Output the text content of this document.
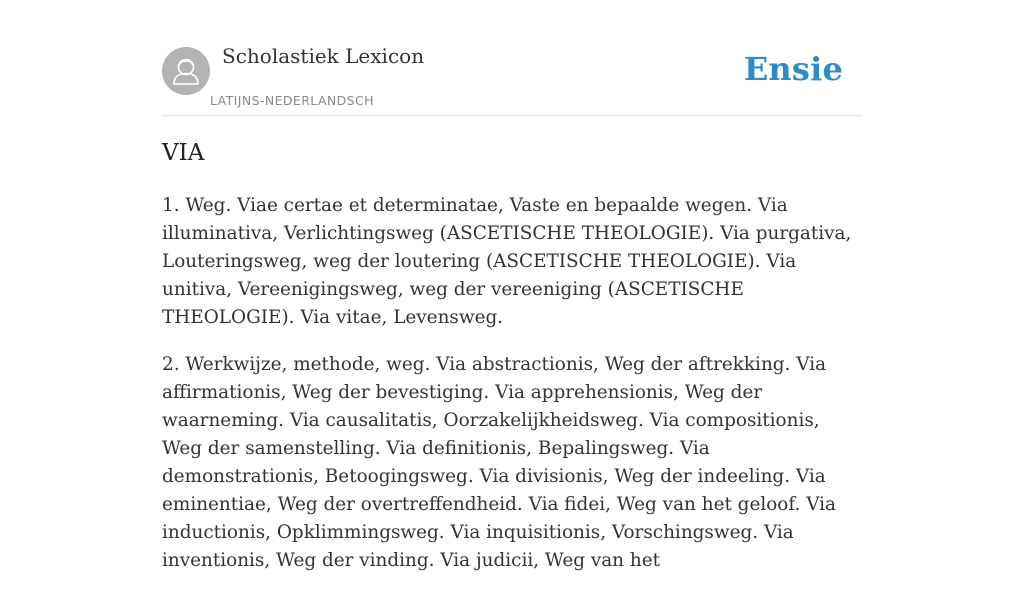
Scholastiek Lexicon
LATIJNS-NEDERLANDSCH
Ensie
VIA

1. Weg. Viae certae et determinatae, Vaste en bepaalde wegen. Via illuminativa, Verlichtingsweg (ASCETISCHE THEOLOGIE). Via purgativa, Louteringsweg, weg der loutering (ASCETISCHE THEOLOGIE). Via unitiva, Vereenigingsweg, weg der vereeniging (ASCETISCHE THEOLOGIE). Via vitae, Levensweg.

2. Werkwijze, methode, weg. Via abstractionis, Weg der aftrekking. Via affirmationis, Weg der bevestiging. Via apprehensionis, Weg der waarneming. Via causalitatis, Oorzakelijkheidsweg. Via compositionis, Weg der samenstelling. Via definitionis, Bepalingsweg. Via demonstrationis, Betoogingsweg. Via divisionis, Weg der indeeling. Via eminentiae, Weg der overtreffendheid. Via fidei, Weg van het geloof. Via inductionis, Opklimmingsweg. Via inquisitionis, Vorschingsweg. Via inventionis, Weg der vinding. Via judicii, Weg van het
